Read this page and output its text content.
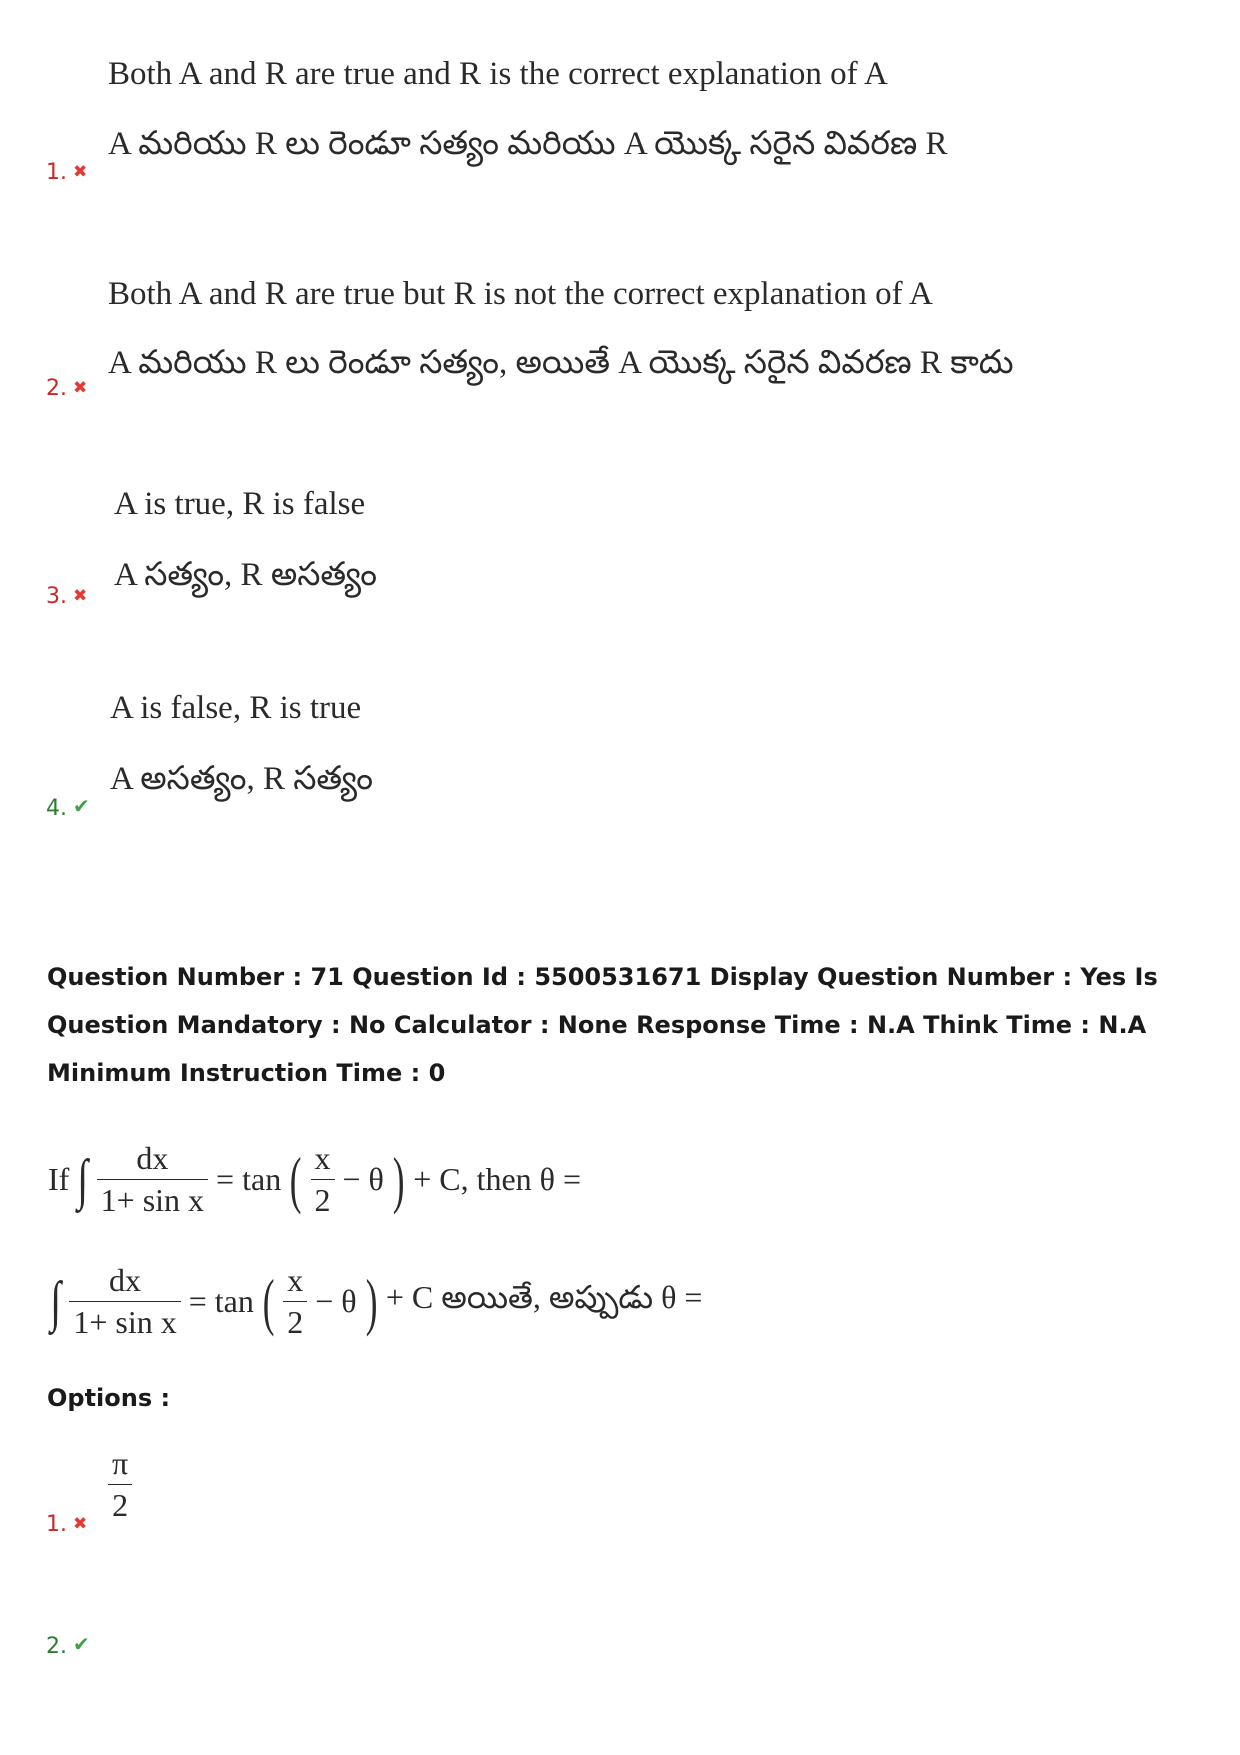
Both A and R are true and R is the correct explanation of A
A మరియు R లు రెండూ సత్యం మరియు A యొక్క సరైన వివరణ R
1. ✖
Both A and R are true but R is not the correct explanation of A
A మరియు R లు రెండూ సత్యం, అయితే A యొక్క సరైన వివరణ R కాదు
2. ✖
A is true, R is false
A సత్యం, R అసత్యం
3. ✖
A is false, R is true
A అసత్యం, R సత్యం
4. ✔
Question Number : 71 Question Id : 5500531671 Display Question Number : Yes Is Question Mandatory : No Calculator : None Response Time : N.A Think Time : N.A Minimum Instruction Time : 0
If ∫ $\frac{dx}{\text{1+ sin x}} = \tan$ ( $\frac{x}{2} - \theta$ ) + C, then θ =
∫ $\frac{dx}{\text{1+ sin x}} = \tan$ ( $\frac{x}{2} - \theta$ ) + C అయితే, అప్పుడు θ =
Options :
$\frac{\pi}{2}$
1. ✖
2. ✔
